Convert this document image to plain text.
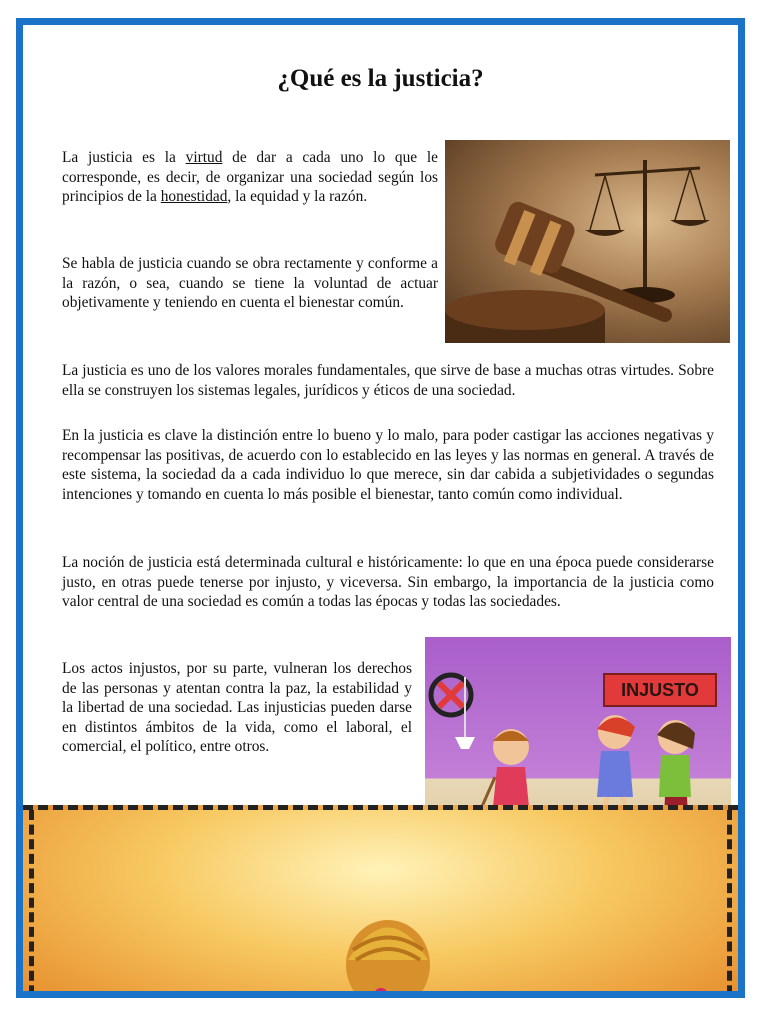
¿Qué es la justicia?

La justicia es la virtud de dar a cada uno lo que le corresponde, es decir, de organizar una sociedad según los principios de la honestidad, la equidad y la razón.

Se habla de justicia cuando se obra rectamente y conforme a la razón, o sea, cuando se tiene la voluntad de actuar objetivamente y teniendo en cuenta el bienestar común.

La justicia es uno de los valores morales fundamentales, que sirve de base a muchas otras virtudes. Sobre ella se construyen los sistemas legales, jurídicos y éticos de una sociedad.

En la justicia es clave la distinción entre lo bueno y lo malo, para poder castigar las acciones negativas y recompensar las positivas, de acuerdo con lo establecido en las leyes y las normas en general. A través de este sistema, la sociedad da a cada individuo lo que merece, sin dar cabida a subjetividades o segundas intenciones y tomando en cuenta lo más posible el bienestar, tanto común como individual.

La noción de justicia está determinada cultural e históricamente: lo que en una época puede considerarse justo, en otras puede tenerse por injusto, y viceversa. Sin embargo, la importancia de la justicia como valor central de una sociedad es común a todas las épocas y todas las sociedades.

Los actos injustos, por su parte, vulneran los derechos de las personas y atentan contra la paz, la estabilidad y la libertad de una sociedad. Las injusticias pueden darse en distintos ámbitos de la vida, como el laboral, el comercial, el político, entre otros.

INJUSTO
